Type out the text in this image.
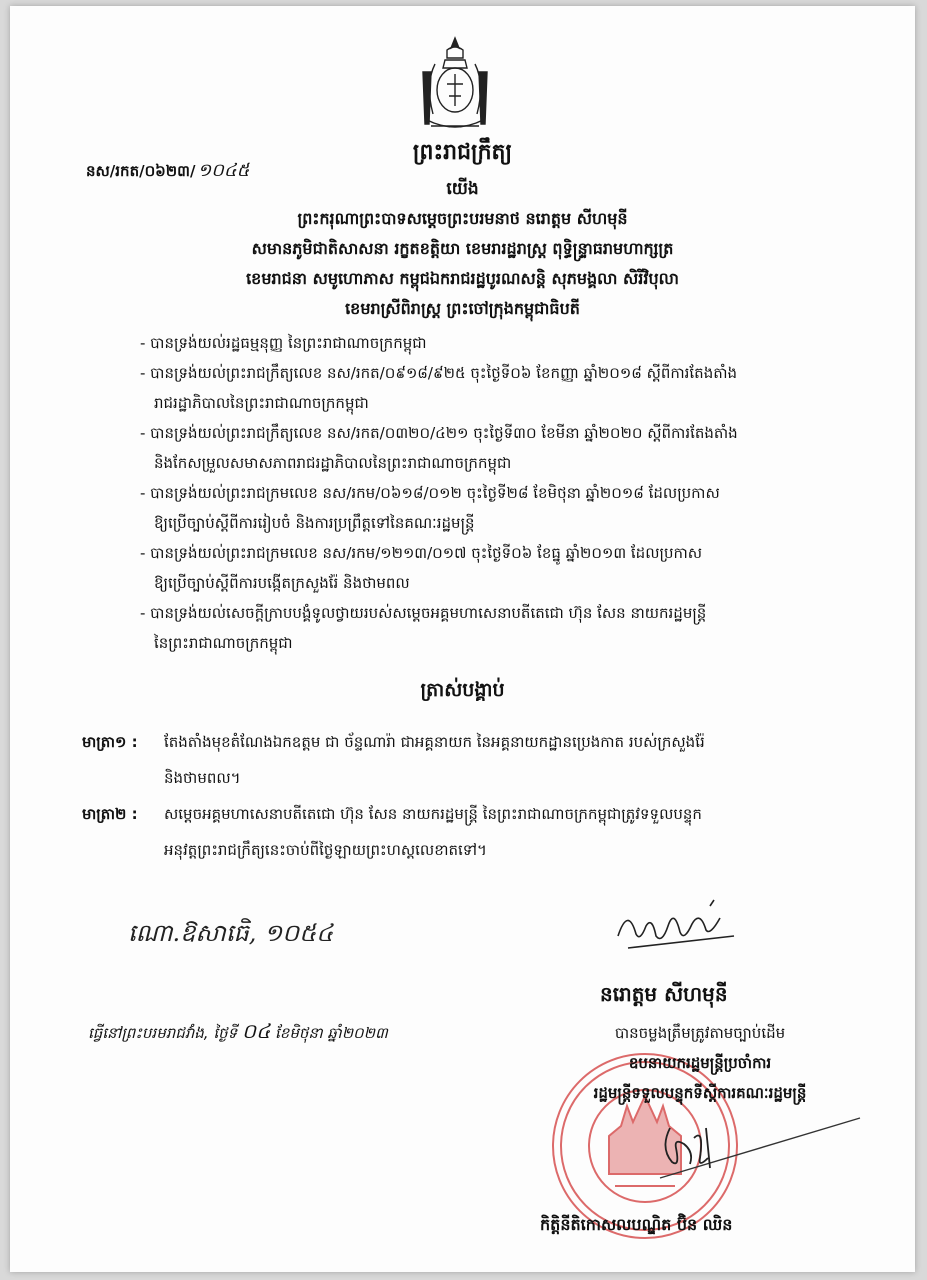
នស/រកត/០៦២៣/ ១០៤៥
ព្រះរាជក្រឹត្យ
យើង
ព្រះករុណាព្រះបាទសម្តេចព្រះបរមនាថ នរោត្តម សីហមុនី
សមានភូមិជាតិសាសនា រក្ខតខត្តិយា ខេមរារដ្ឋរាស្ត្រ ពុទ្ធិន្រ្ទាធរាមហាក្សត្រ
ខេមរាជនា សមូហោភាស កម្ពុជឯករាជរដ្ឋបូរណសន្តិ សុភមង្គលា សិរីវិបុលា
ខេមរាស្រីពិរាស្ត្រ ព្រះចៅក្រុងកម្ពុជាធិបតី
- បានទ្រង់យល់រដ្ឋធម្មនុញ្ញ នៃព្រះរាជាណាចក្រកម្ពុជា
- បានទ្រង់យល់ព្រះរាជក្រឹត្យលេខ នស/រកត/០៩១៨/៩២៥ ចុះថ្ងៃទី០៦ ខែកញ្ញា ឆ្នាំ២០១៨ ស្តីពីការតែងតាំង
រាជរដ្ឋាភិបាលនៃព្រះរាជាណាចក្រកម្ពុជា
- បានទ្រង់យល់ព្រះរាជក្រឹត្យលេខ នស/រកត/០៣២០/៤២១ ចុះថ្ងៃទី៣០ ខែមីនា ឆ្នាំ២០២០ ស្តីពីការតែងតាំង
និងកែសម្រួលសមាសភាពរាជរដ្ឋាភិបាលនៃព្រះរាជាណាចក្រកម្ពុជា
- បានទ្រង់យល់ព្រះរាជក្រមលេខ នស/រកម/០៦១៨/០១២ ចុះថ្ងៃទី២៨ ខែមិថុនា ឆ្នាំ២០១៨ ដែលប្រកាស
ឱ្យប្រើច្បាប់ស្តីពីការរៀបចំ និងការប្រព្រឹត្តទៅនៃគណៈរដ្ឋមន្ត្រី
- បានទ្រង់យល់ព្រះរាជក្រមលេខ នស/រកម/១២១៣/០១៧ ចុះថ្ងៃទី០៦ ខែធ្នូ ឆ្នាំ២០១៣ ដែលប្រកាស
ឱ្យប្រើច្បាប់ស្តីពីការបង្កើតក្រសួងរ៉ែ និងថាមពល
- បានទ្រង់យល់សេចក្តីក្រាបបង្គំទូលថ្វាយរបស់សម្តេចអគ្គមហាសេនាបតីតេជោ ហ៊ុន សែន នាយករដ្ឋមន្ត្រី
នៃព្រះរាជាណាចក្រកម្ពុជា
ត្រាស់បង្គាប់
មាត្រា១ : តែងតាំងមុខតំណែងឯកឧត្តម ជា ច័ន្ទណារ៉ា ជាអគ្គនាយក នៃអគ្គនាយកដ្ឋានប្រេងកាត របស់ក្រសួងរ៉ែ
និងថាមពល។
មាត្រា២ : សម្តេចអគ្គមហាសេនាបតីតេជោ ហ៊ុន សែន នាយករដ្ឋមន្ត្រី នៃព្រះរាជាណាចក្រកម្ពុជាត្រូវទទួលបន្ទុក
អនុវត្តព្រះរាជក្រឹត្យនេះចាប់ពីថ្ងៃឡាយព្រះហស្តលេខាតទៅ។
ណោ.ឱសាធេិ, ១០៥៤
ធ្វើនៅព្រះបរមរាជវាំង, ថ្ងៃទី ០៤ ខែមិថុនា ឆ្នាំ២០២៣
នរោត្តម សីហមុនី
បានចម្លងត្រឹមត្រូវតាមច្បាប់ដើម
ឧបនាយករដ្ឋមន្ត្រីប្រចាំការ
រដ្ឋមន្ត្រីទទួលបន្ទុកទីស្តីការគណៈរដ្ឋមន្ត្រី
កិត្តិនីតិកោសលបណ្ឌិត ប៊ិន ឈិន
